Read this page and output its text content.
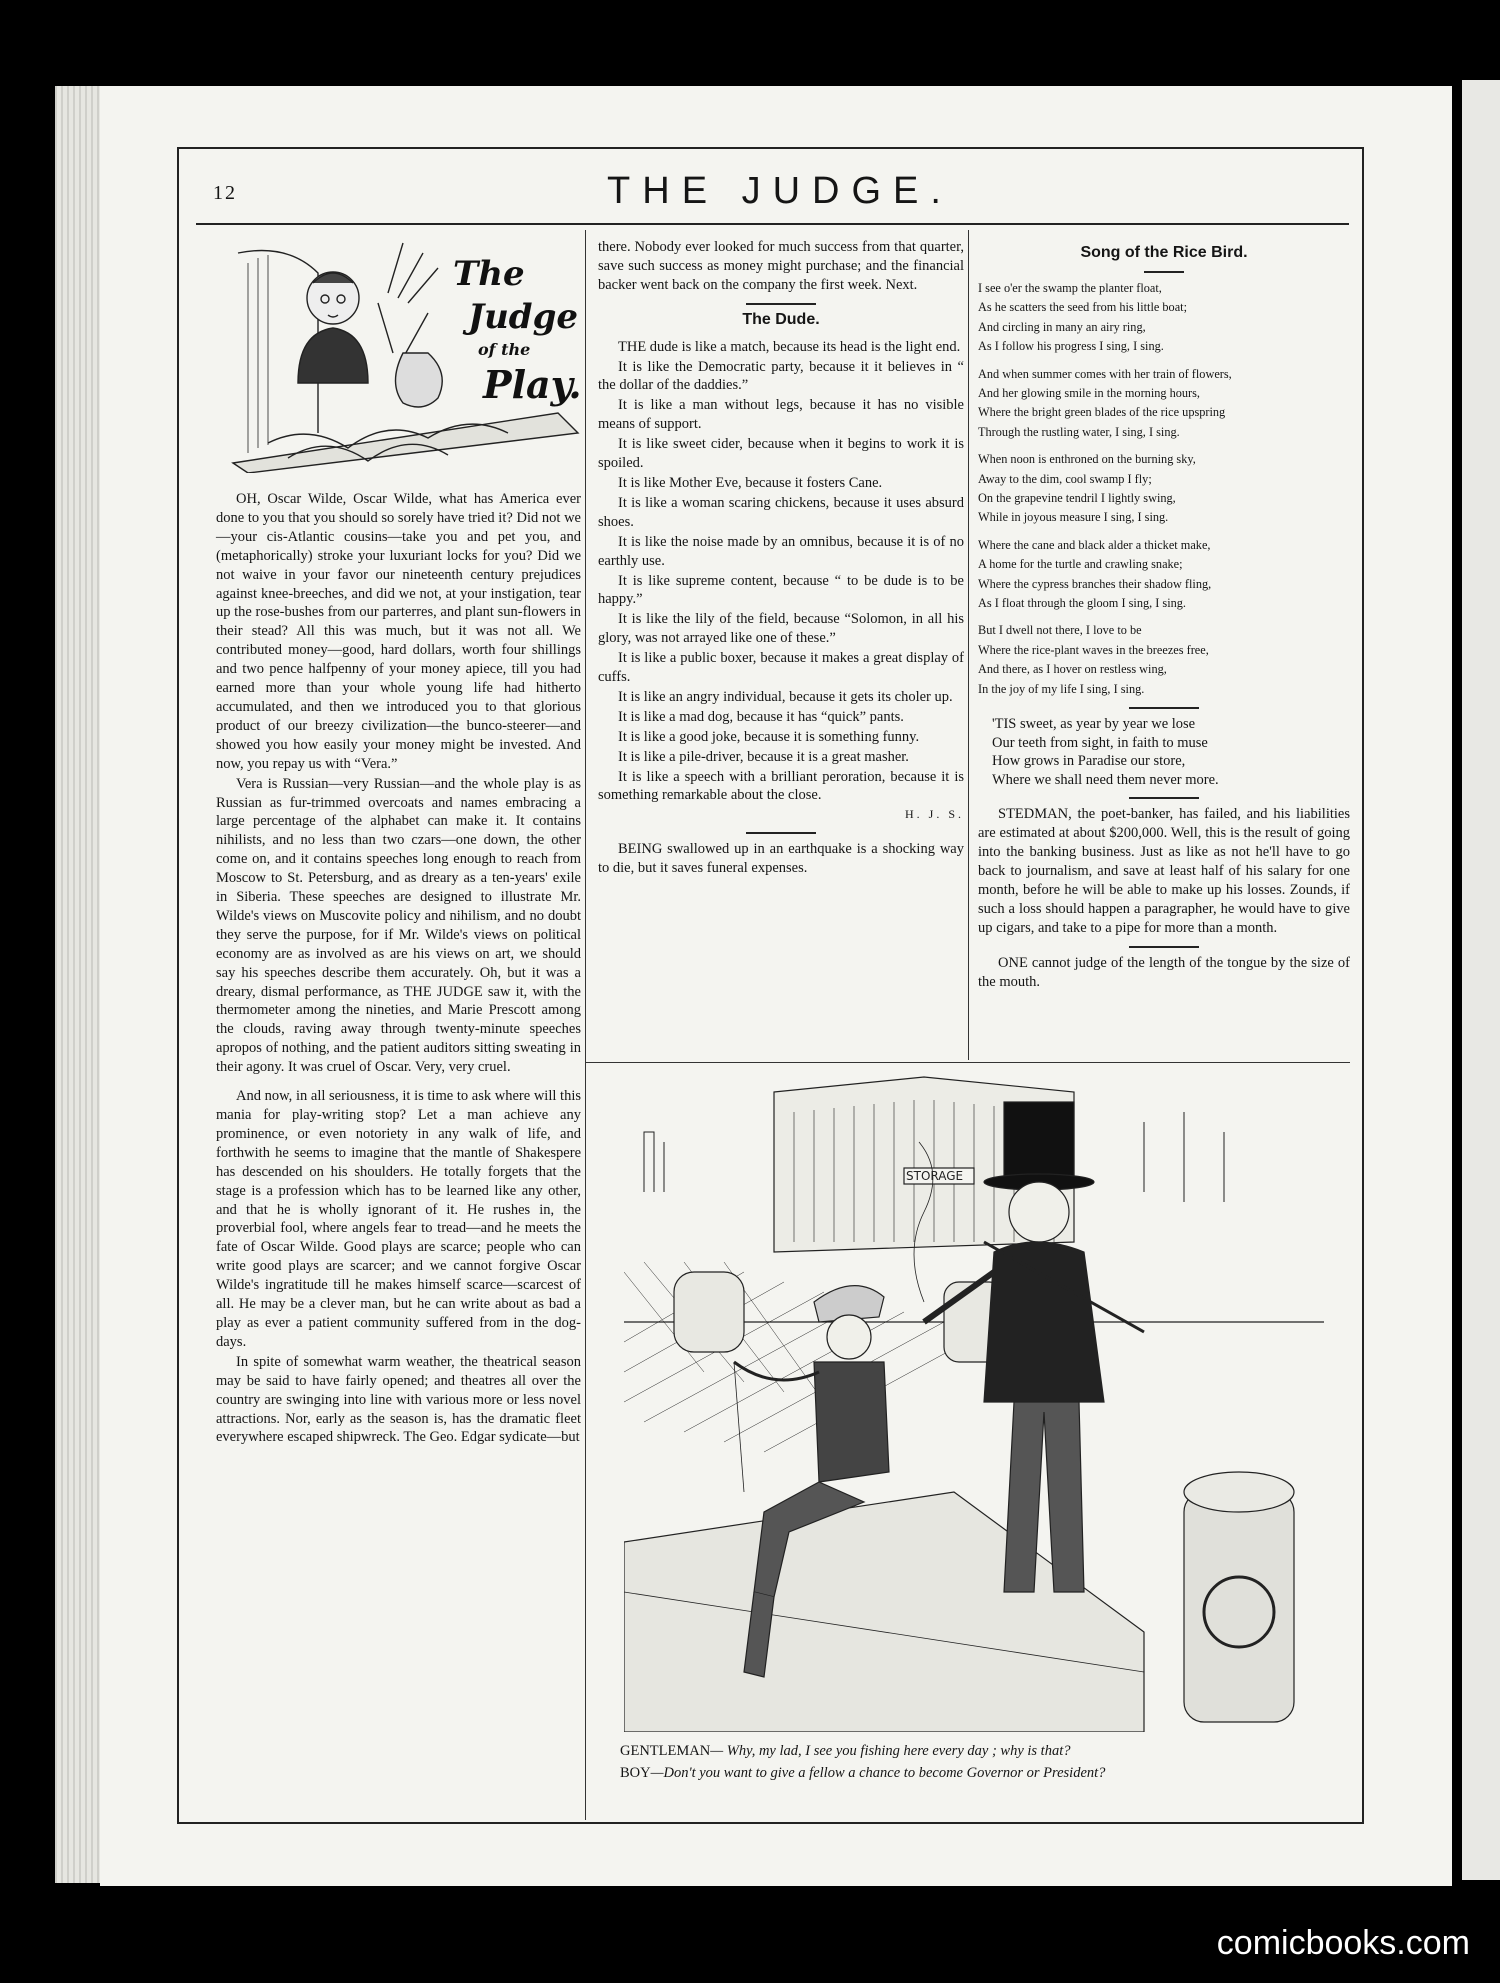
12	THE JUDGE.
The
Judge
of the
Play.

OH, Oscar Wilde, Oscar Wilde, what has America ever done to you that you should so sorely have tried it? Did not we—your cis-Atlantic cousins—take you and pet you, and (metaphorically) stroke your luxuriant locks for you? Did we not waive in your favor our nineteenth century prejudices against knee-breeches, and did we not, at your instigation, tear up the rose-bushes from our parterres, and plant sun-flowers in their stead? All this was much, but it was not all. We contributed money—good, hard dollars, worth four shillings and two pence halfpenny of your money apiece, till you had earned more than your whole young life had hitherto accumulated, and then we introduced you to that glorious product of our breezy civilization—the bunco-steerer—and showed you how easily your money might be invested. And now, you repay us with “Vera.”

Vera is Russian—very Russian—and the whole play is as Russian as fur-trimmed overcoats and names embracing a large percentage of the alphabet can make it. It contains nihilists, and no less than two czars—one down, the other come on, and it contains speeches long enough to reach from Moscow to St. Petersburg, and as dreary as a ten-years' exile in Siberia. These speeches are designed to illustrate Mr. Wilde's views on Muscovite policy and nihilism, and no doubt they serve the purpose, for if Mr. Wilde's views on political economy are as involved as are his views on art, we should say his speeches describe them accurately. Oh, but it was a dreary, dismal performance, as THE JUDGE saw it, with the thermometer among the nineties, and Marie Prescott among the clouds, raving away through twenty-minute speeches apropos of nothing, and the patient auditors sitting sweating in their agony. It was cruel of Oscar. Very, very cruel.

And now, in all seriousness, it is time to ask where will this mania for play-writing stop? Let a man achieve any prominence, or even notoriety in any walk of life, and forthwith he seems to imagine that the mantle of Shakespere has descended on his shoulders. He totally forgets that the stage is a profession which has to be learned like any other, and that he is wholly ignorant of it. He rushes in, the proverbial fool, where angels fear to tread—and he meets the fate of Oscar Wilde. Good plays are scarce; people who can write good plays are scarcer; and we cannot forgive Oscar Wilde's ingratitude till he makes himself scarce—scarcest of all. He may be a clever man, but he can write about as bad a play as ever a patient community suffered from in the dog-days.

In spite of somewhat warm weather, the theatrical season may be said to have fairly opened; and theatres all over the country are swinging into line with various more or less novel attractions. Nor, early as the season is, has the dramatic fleet everywhere escaped shipwreck. The Geo. Edgar sydicate—but

there. Nobody ever looked for much success from that quarter, save such success as money might purchase; and the financial backer went back on the company the first week. Next.

The Dude.

THE dude is like a match, because its head is the light end.

It is like the Democratic party, because it it believes in “ the dollar of the daddies.”

It is like a man without legs, because it has no visible means of support.

It is like sweet cider, because when it begins to work it is spoiled.

It is like Mother Eve, because it fosters Cane.

It is like a woman scaring chickens, because it uses absurd shoes.

It is like the noise made by an omnibus, because it is of no earthly use.

It is like supreme content, because “ to be dude is to be happy.”

It is like the lily of the field, because “Solomon, in all his glory, was not arrayed like one of these.”

It is like a public boxer, because it makes a great display of cuffs.

It is like an angry individual, because it gets its choler up.

It is like a mad dog, because it has “quick” pants.

It is like a good joke, because it is something funny.

It is like a pile-driver, because it is a great masher.

It is like a speech with a brilliant peroration, because it is something remarkable about the close.

H. J. S.

BEING swallowed up in an earthquake is a shocking way to die, but it saves funeral expenses.

Song of the Rice Bird.
I see o'er the swamp the planter float,
As he scatters the seed from his little boat;
And circling in many an airy ring,
As I follow his progress I sing, I sing.
And when summer comes with her train of flowers,
And her glowing smile in the morning hours,
Where the bright green blades of the rice upspring
Through the rustling water, I sing, I sing.
When noon is enthroned on the burning sky,
Away to the dim, cool swamp I fly;
On the grapevine tendril I lightly swing,
While in joyous measure I sing, I sing.
Where the cane and black alder a thicket make,
A home for the turtle and crawling snake;
Where the cypress branches their shadow fling,
As I float through the gloom I sing, I sing.
But I dwell not there, I love to be
Where the rice-plant waves in the breezes free,
And there, as I hover on restless wing,
In the joy of my life I sing, I sing.
'TIS sweet, as year by year we lose
Our teeth from sight, in faith to muse
How grows in Paradise our store,
Where we shall need them never more.

STEDMAN, the poet-banker, has failed, and his liabilities are estimated at about $200,000. Well, this is the result of going into the banking business. Just as like as not he'll have to go back to journalism, and save at least half of his salary for one month, before he will be able to make up his losses. Zounds, if such a loss should happen a paragrapher, he would have to give up cigars, and take to a pipe for more than a month.

ONE cannot judge of the length of the tongue by the size of the mouth.

STORAGE
GENTLEMAN— Why, my lad, I see you fishing here every day ; why is that?
BOY—Don't you want to give a fellow a chance to become Governor or President?
comicbooks.com
